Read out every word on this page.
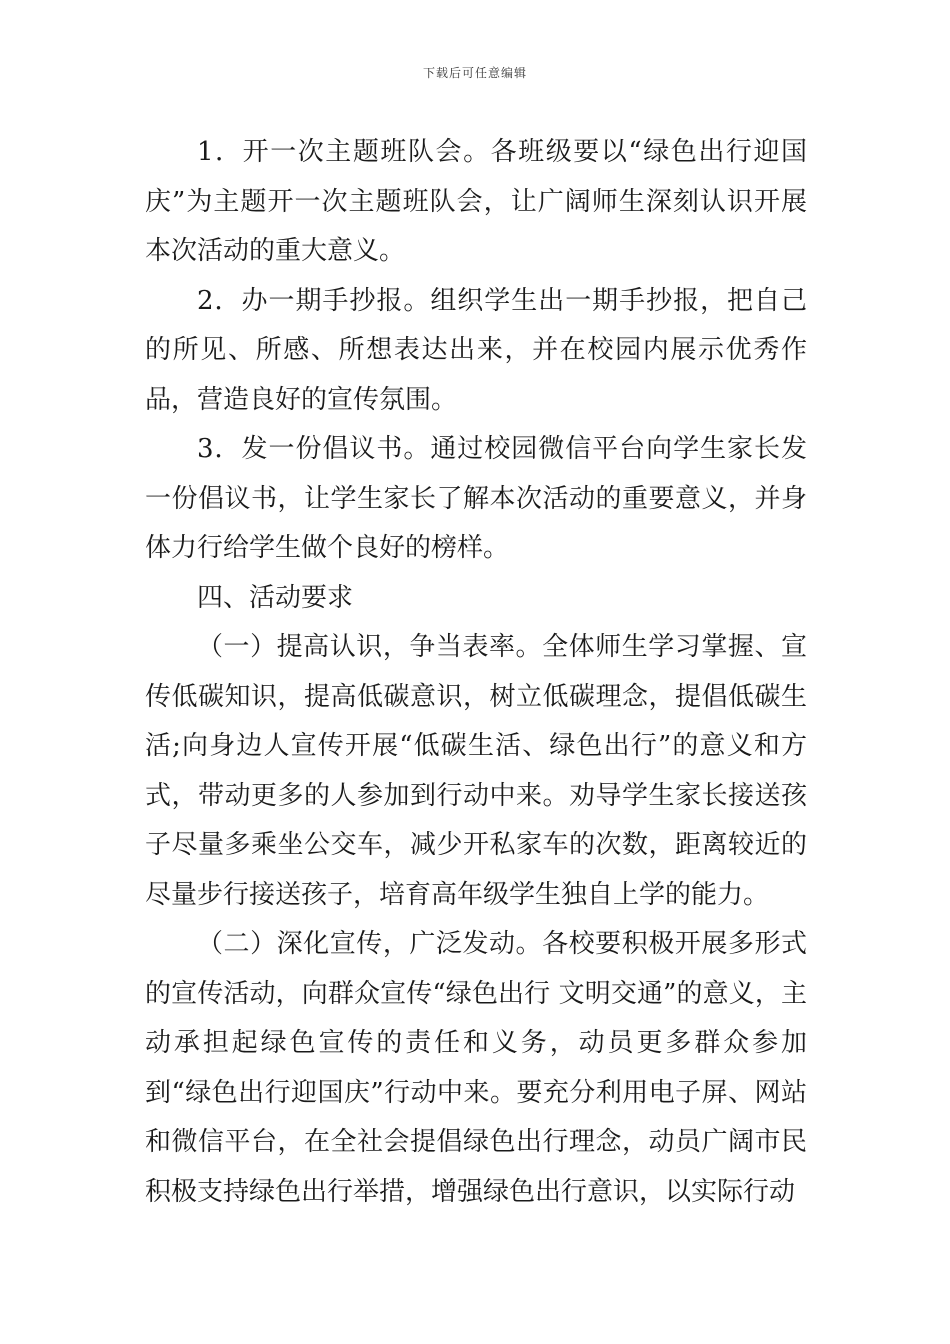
下载后可任意编辑

1．开一次主题班队会。各班级要以“绿色出行迎国庆”为主题开一次主题班队会，让广阔师生深刻认识开展本次活动的重大意义。

2．办一期手抄报。组织学生出一期手抄报，把自己的所见、所感、所想表达出来，并在校园内展示优秀作品，营造良好的宣传氛围。

3．发一份倡议书。通过校园微信平台向学生家长发一份倡议书，让学生家长了解本次活动的重要意义，并身体力行给学生做个良好的榜样。

四、活动要求

（一）提高认识，争当表率。全体师生学习掌握、宣传低碳知识，提高低碳意识，树立低碳理念，提倡低碳生活;向身边人宣传开展“低碳生活、绿色出行”的意义和方式，带动更多的人参加到行动中来。劝导学生家长接送孩子尽量多乘坐公交车，减少开私家车的次数，距离较近的尽量步行接送孩子，培育高年级学生独自上学的能力。

（二）深化宣传，广泛发动。各校要积极开展多形式的宣传活动，向群众宣传“绿色出行 文明交通”的意义，主动承担起绿色宣传的责任和义务，动员更多群众参加到“绿色出行迎国庆”行动中来。要充分利用电子屏、网站和微信平台，在全社会提倡绿色出行理念，动员广阔市民积极支持绿色出行举措，增强绿色出行意识，以实际行动
